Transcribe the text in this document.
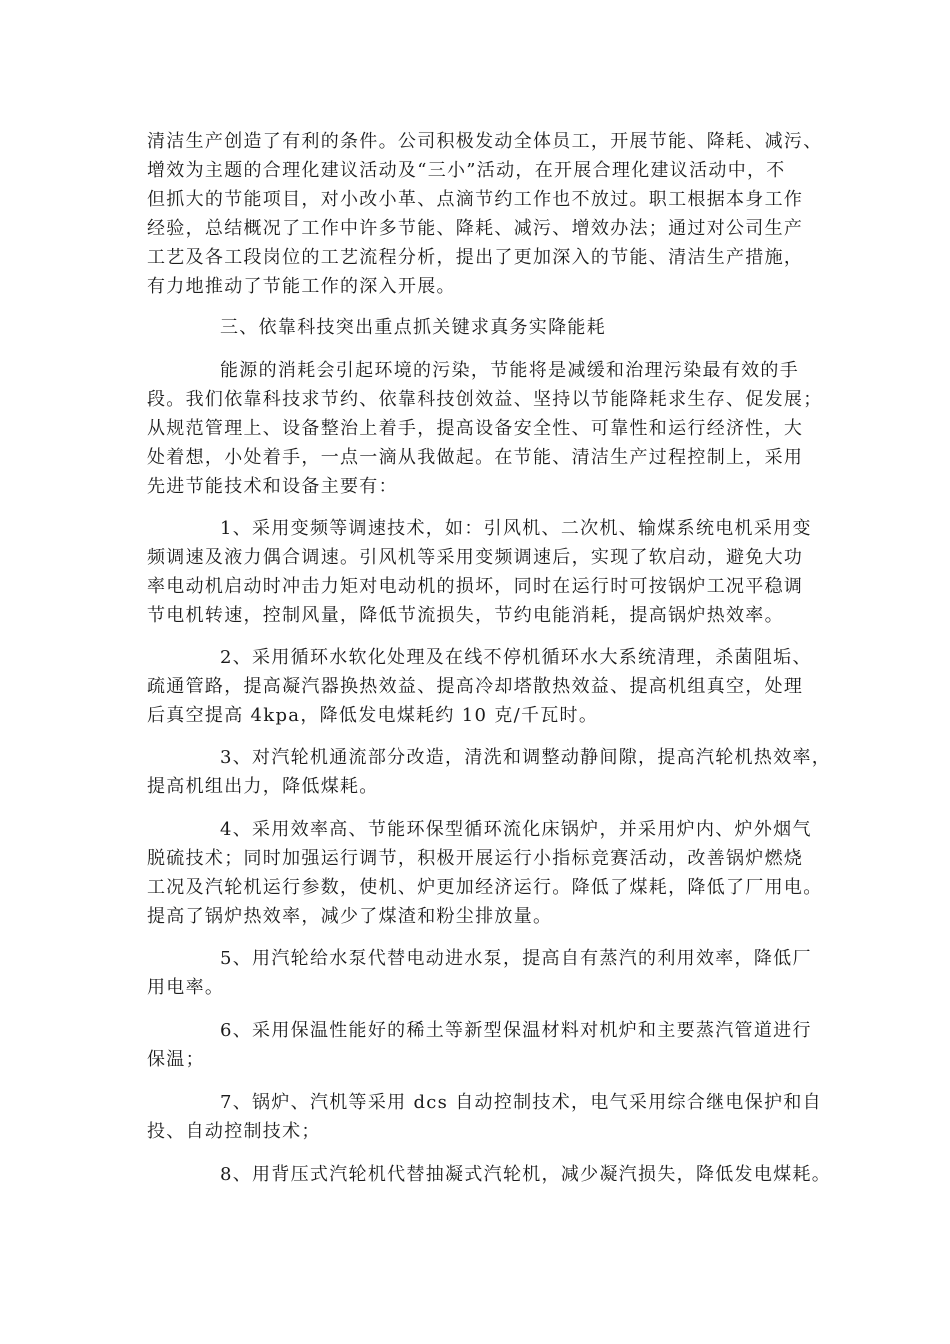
清洁生产创造了有利的条件。公司积极发动全体员工，开展节能、降耗、减污、
增效为主题的合理化建议活动及“三小”活动，在开展合理化建议活动中，不
但抓大的节能项目，对小改小革、点滴节约工作也不放过。职工根据本身工作
经验，总结概况了工作中许多节能、降耗、减污、增效办法；通过对公司生产
工艺及各工段岗位的工艺流程分析，提出了更加深入的节能、清洁生产措施，
有力地推动了节能工作的深入开展。
三、依靠科技突出重点抓关键求真务实降能耗
能源的消耗会引起环境的污染，节能将是减缓和治理污染最有效的手
段。我们依靠科技求节约、依靠科技创效益、坚持以节能降耗求生存、促发展；
从规范管理上、设备整治上着手，提高设备安全性、可靠性和运行经济性，大
处着想，小处着手，一点一滴从我做起。在节能、清洁生产过程控制上，采用
先进节能技术和设备主要有：
1、采用变频等调速技术，如：引风机、二次机、输煤系统电机采用变
频调速及液力偶合调速。引风机等采用变频调速后，实现了软启动，避免大功
率电动机启动时冲击力矩对电动机的损坏，同时在运行时可按锅炉工况平稳调
节电机转速，控制风量，降低节流损失，节约电能消耗，提高锅炉热效率。
2、采用循环水软化处理及在线不停机循环水大系统清理，杀菌阻垢、
疏通管路，提高凝汽器换热效益、提高冷却塔散热效益、提高机组真空，处理
后真空提高 4kpa，降低发电煤耗约 10 克/千瓦时。
3、对汽轮机通流部分改造，清洗和调整动静间隙，提高汽轮机热效率，
提高机组出力，降低煤耗。
4、采用效率高、节能环保型循环流化床锅炉，并采用炉内、炉外烟气
脱硫技术；同时加强运行调节，积极开展运行小指标竞赛活动，改善锅炉燃烧
工况及汽轮机运行参数，使机、炉更加经济运行。降低了煤耗，降低了厂用电。
提高了锅炉热效率，减少了煤渣和粉尘排放量。
5、用汽轮给水泵代替电动进水泵，提高自有蒸汽的利用效率，降低厂
用电率。
6、采用保温性能好的稀土等新型保温材料对机炉和主要蒸汽管道进行
保温；
7、锅炉、汽机等采用 dcs 自动控制技术，电气采用综合继电保护和自
投、自动控制技术；
8、用背压式汽轮机代替抽凝式汽轮机，减少凝汽损失，降低发电煤耗。
